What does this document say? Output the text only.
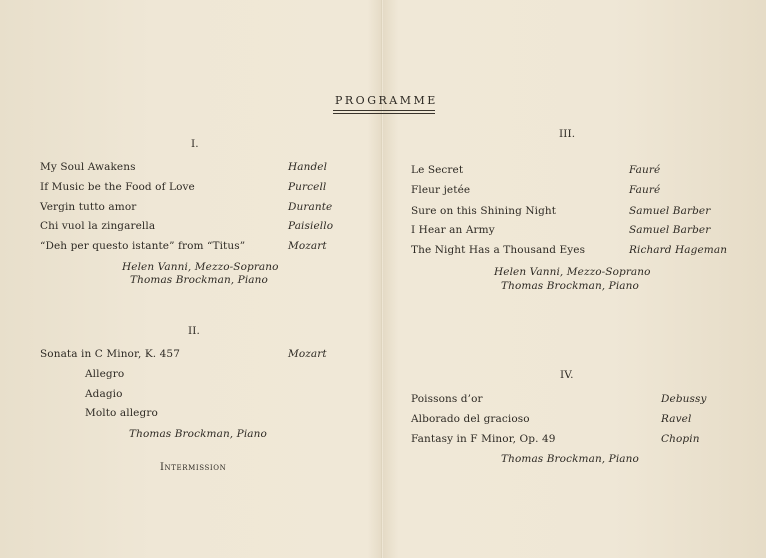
PROGRAMME
I.
My Soul Awakens	Handel
If Music be the Food of Love	Purcell
Vergin tutto amor	Durante
Chi vuol la zingarella	Paisiello
“Deh per questo istante” from “Titus”	Mozart
Helen Vanni, Mezzo-Soprano
Thomas Brockman, Piano
II.
Sonata in C Minor, K. 457	Mozart
Allegro
Adagio
Molto allegro
Thomas Brockman, Piano
Intermission
III.
Le Secret	Fauré
Fleur jetée	Fauré
Sure on this Shining Night	Samuel Barber
I Hear an Army	Samuel Barber
The Night Has a Thousand Eyes	Richard Hageman
Helen Vanni, Mezzo-Soprano
Thomas Brockman, Piano
IV.
Poissons d’or	Debussy
Alborado del gracioso	Ravel
Fantasy in F Minor, Op. 49	Chopin
Thomas Brockman, Piano
